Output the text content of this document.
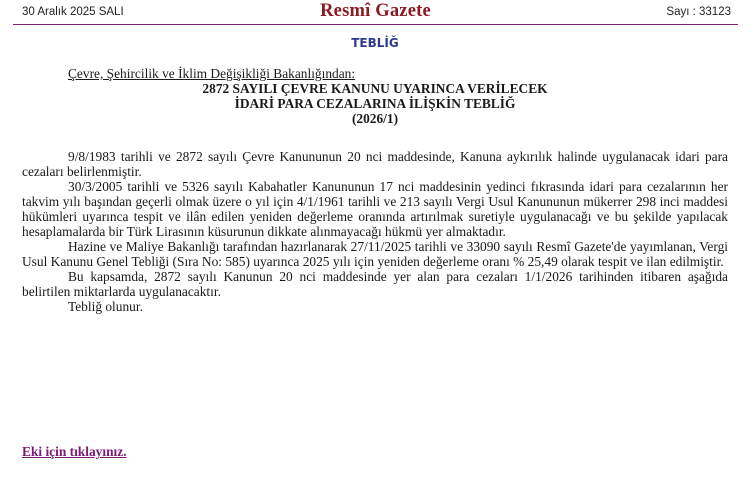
30 Aralık 2025 SALI	Resmî Gazete	Sayı : 33123
TEBLİĞ
Çevre, Şehircilik ve İklim Değişikliği Bakanlığından:
2872 SAYILI ÇEVRE KANUNU UYARINCA VERİLECEK
İDARİ PARA CEZALARINA İLİŞKİN TEBLİĞ
(2026/1)

9/8/1983 tarihli ve 2872 sayılı Çevre Kanununun 20 nci maddesinde, Kanuna aykırılık halinde uygulanacak idari para cezaları belirlenmiştir.

30/3/2005 tarihli ve 5326 sayılı Kabahatler Kanununun 17 nci maddesinin yedinci fıkrasında idari para cezalarının her takvim yılı başından geçerli olmak üzere o yıl için 4/1/1961 tarihli ve 213 sayılı Vergi Usul Kanununun mükerrer 298 inci maddesi hükümleri uyarınca tespit ve ilân edilen yeniden değerleme oranında artırılmak suretiyle uygulanacağı ve bu şekilde yapılacak hesaplamalarda bir Türk Lirasının küsurunun dikkate alınmayacağı hükmü yer almaktadır.

Hazine ve Maliye Bakanlığı tarafından hazırlanarak 27/11/2025 tarihli ve 33090 sayılı Resmî Gazete'de yayımlanan, Vergi Usul Kanunu Genel Tebliği (Sıra No: 585) uyarınca 2025 yılı için yeniden değerleme oranı % 25,49 olarak tespit ve ilan edilmiştir.

Bu kapsamda, 2872 sayılı Kanunun 20 nci maddesinde yer alan para cezaları 1/1/2026 tarihinden itibaren aşağıda belirtilen miktarlarda uygulanacaktır.

Tebliğ olunur.

Eki için tıklayınız.
